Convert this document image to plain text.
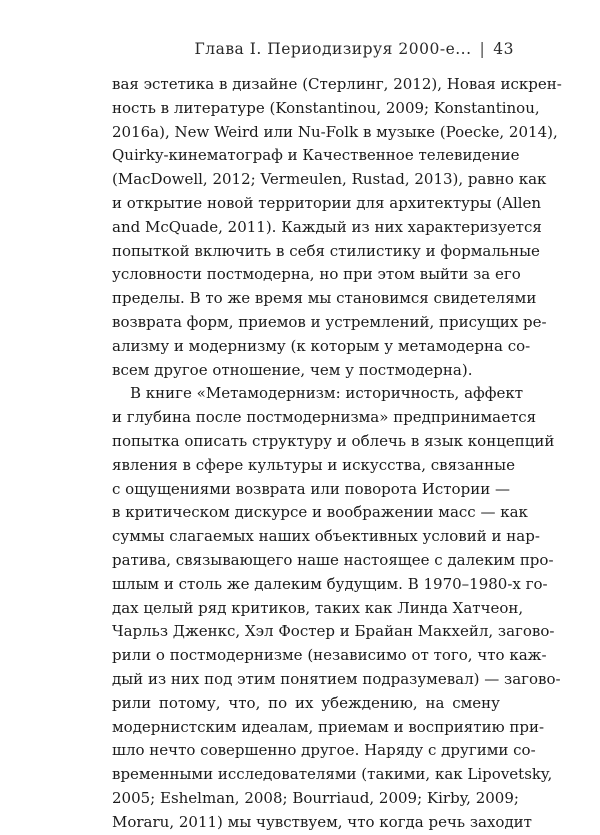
Глава I. Периодизируя 2000-е... | 43
вая эстетика в дизайне (Стерлинг, 2012), Новая искрен-
ность в литературе (Konstantinou, 2009; Konstantinou,
2016a), New Weird или Nu-Folk в музыке (Poecke, 2014),
Quirky-кинематограф и Качественное телевидение
(MacDowell, 2012; Vermeulen, Rustad, 2013), равно как
и открытие новой территории для архитектуры (Allen
and McQuade, 2011). Каждый из них характеризуется
попыткой включить в себя стилистику и формальные
условности постмодерна, но при этом выйти за его
пределы. В то же время мы становимся свидетелями
возврата форм, приемов и устремлений, присущих ре-
ализму и модернизму (к которым у метамодерна со-
всем другое отношение, чем у постмодерна).
В книге «Метамодернизм: историчность, аффект
и глубина после постмодернизма» предпринимается
попытка описать структуру и облечь в язык концепций
явления в сфере культуры и искусства, связанные
с ощущениями возврата или поворота Истории —
в критическом дискурсе и воображении масс — как
суммы слагаемых наших объективных условий и нар-
ратива, связывающего наше настоящее с далеким про-
шлым и столь же далеким будущим. В 1970–1980-х го-
дах целый ряд критиков, таких как Линда Хатчеон,
Чарльз Дженкс, Хэл Фостер и Брайан Макхейл, загово-
рили о постмодернизме (независимо от того, что каж-
дый из них под этим понятием подразумевал) — загово-
рили потому, что, по их убеждению, на смену
модернистским идеалам, приемам и восприятию при-
шло нечто совершенно другое. Наряду с другими со-
временными исследователями (такими, как Lipovetsky,
2005; Eshelman, 2008; Bourriaud, 2009; Kirby, 2009;
Moraru, 2011) мы чувствуем, что когда речь заходит
